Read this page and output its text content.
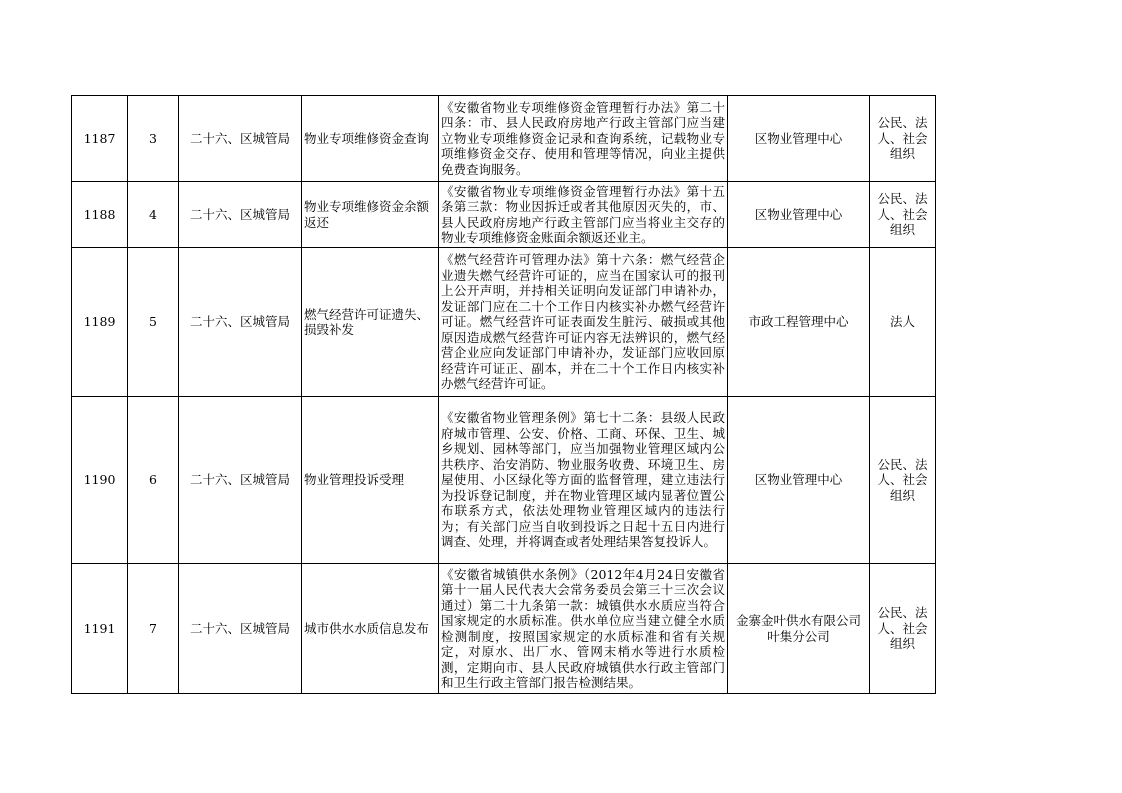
1187	3	二十六、区城管局	物业专项维修资金查询	《安徽省物业专项维修资金管理暂行办法》第二十四条：市、县人民政府房地产行政主管部门应当建立物业专项维修资金记录和查询系统，记载物业专项维修资金交存、使用和管理等情况，向业主提供免费查询服务。	区物业管理中心	公民、法人、社会组织
1188	4	二十六、区城管局	物业专项维修资金余额返还	《安徽省物业专项维修资金管理暂行办法》第十五条第三款：物业因拆迁或者其他原因灭失的，市、县人民政府房地产行政主管部门应当将业主交存的物业专项维修资金账面余额返还业主。	区物业管理中心	公民、法人、社会组织
1189	5	二十六、区城管局	燃气经营许可证遗失、损毁补发	《燃气经营许可管理办法》第十六条：燃气经营企业遗失燃气经营许可证的，应当在国家认可的报刊上公开声明，并持相关证明向发证部门申请补办，发证部门应在二十个工作日内核实补办燃气经营许可证。燃气经营许可证表面发生脏污、破损或其他原因造成燃气经营许可证内容无法辨识的，燃气经营企业应向发证部门申请补办，发证部门应收回原经营许可证正、副本，并在二十个工作日内核实补办燃气经营许可证。	市政工程管理中心	法人
1190	6	二十六、区城管局	物业管理投诉受理	《安徽省物业管理条例》第七十二条：县级人民政府城市管理、公安、价格、工商、环保、卫生、城乡规划、园林等部门，应当加强物业管理区域内公共秩序、治安消防、物业服务收费、环境卫生、房屋使用、小区绿化等方面的监督管理，建立违法行为投诉登记制度，并在物业管理区域内显著位置公布联系方式，依法处理物业管理区域内的违法行为；有关部门应当自收到投诉之日起十五日内进行调查、处理，并将调查或者处理结果答复投诉人。	区物业管理中心	公民、法人、社会组织
1191	7	二十六、区城管局	城市供水水质信息发布	《安徽省城镇供水条例》（2012年4月24日安徽省第十一届人民代表大会常务委员会第三十三次会议通过）第二十九条第一款：城镇供水水质应当符合国家规定的水质标准。供水单位应当建立健全水质检测制度，按照国家规定的水质标准和省有关规定，对原水、出厂水、管网末梢水等进行水质检测，定期向市、县人民政府城镇供水行政主管部门和卫生行政主管部门报告检测结果。	金寨金叶供水有限公司叶集分公司	公民、法人、社会组织
